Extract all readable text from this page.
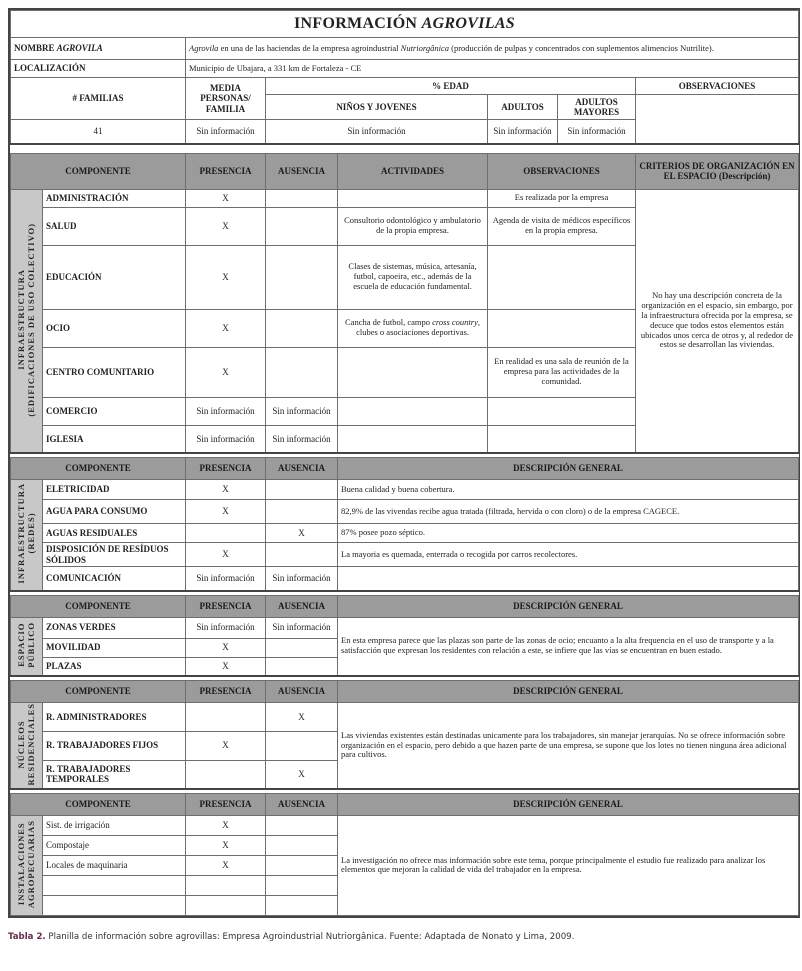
INFORMACIÓN AGROVILAS							
NOMBRE AGROVILA		Agrovila en una de las haciendas de la empresa agroindustrial Nutriorgânica (producción de pulpas y concentrados con suplementos alimencios Nutrilite).					
LOCALIZACIÓN		Municipio de Ubajara, a 331 km de Fortaleza - CE					
# FAMILIAS		MEDIA PERSONAS/ FAMILIA	% EDAD				OBSERVACIONES
			NIÑOS Y JOVENES		ADULTOS	ADULTOS MAYORES	
41		Sin información	Sin información		Sin información	Sin información	

COMPONENTE		PRESENCIA	AUSENCIA	ACTIVIDADES	OBSERVACIONES		CRITERIOS DE ORGANIZACIÓN EN EL ESPACIO (Descripción)
INFRAESTRUCTURA
(EDIFICACIONES DE USO COLECTIVO)	ADMINISTRACIÓN	X			Es realizada por la empresa		No hay una descripción concreta de la organización en el espacio, sin embargo, por la infraestructura ofrecida por la empresa, se decuce que todos estos elementos están ubicados unos cerca de otros y, al rededor de estos se desarrollan las viviendas.
	SALUD	X		Consultorio odontológico y ambulatorio de la propia empresa.	Agenda de visita de médicos específicos en la propia empresa.		
	EDUCACIÓN	X		Clases de sistemas, música, artesanía, futbol, capoeira, etc., además de la escuela de educación fundamental.			
	OCIO	X		Cancha de futbol, campo cross country, clubes o asociaciones deportivas.			
	CENTRO COMUNITARIO	X			En realidad es una sala de reunión de la empresa para las actividades de la comunidad.		
	COMERCIO	Sin información	Sin información				
	IGLESIA	Sin información	Sin información				

COMPONENTE		PRESENCIA	AUSENCIA	DESCRIPCIÓN GENERAL			
INFRAESTRUCTURA
(REDES)	ELETRICIDAD	X		Buena calidad y buena cobertura.			
	AGUA PARA CONSUMO	X		82,9% de las vivendas recibe agua tratada (filtrada, hervida o con cloro) o de la empresa CAGECE.			
	AGUAS RESIDUALES		X	87% posee pozo séptico.			
	DISPOSICIÓN DE RESÍDUOS SÓLIDOS	X		La mayoria es quemada, enterrada o recogida por carros recolectores.			
	COMUNICACIÓN	Sin información	Sin información				

COMPONENTE		PRESENCIA	AUSENCIA	DESCRIPCIÓN GENERAL			
ESPACIO
PÚBLICO	ZONAS VERDES	Sin información	Sin información	En esta empresa parece que las plazas son parte de las zonas de ocio; encuanto a la alta frequencia en el uso de transporte y a la satisfacción que expresan los residentes con relación a este, se infiere que las vías se encuentran en buen estado.			
	MOVILIDAD	X					
	PLAZAS	X					

COMPONENTE		PRESENCIA	AUSENCIA	DESCRIPCIÓN GENERAL			
NÚCLEOS
RESIDENCIALES	R. ADMINISTRADORES		X	Las viviendas existentes están destinadas unicamente para los trabajadores, sin manejar jerarquías. No se ofrece información sobre organización en el espacio, pero debido a que hazen parte de una empresa, se supone que los lotes no tienen ninguna área adicional para cultivos.			
	R. TRABAJADORES FIJOS	X					
	R. TRABAJADORES TEMPORALES		X				

COMPONENTE		PRESENCIA	AUSENCIA	DESCRIPCIÓN GENERAL			
INSTALACIONES
AGROPECUARIAS	Sist. de irrigación	X		La investigación no ofrece mas información sobre este tema, porque principalmente el estudio fue realizado para analizar los elementos que mejoran la calidad de vida del trabajador en la empresa.			
	Compostaje	X					
	Locales de maquinaria	X					

Tabla 2. Planilla de información sobre agrovillas: Empresa Agroindustrial Nutriorgânica. Fuente: Adaptada de Nonato y Lima, 2009.
